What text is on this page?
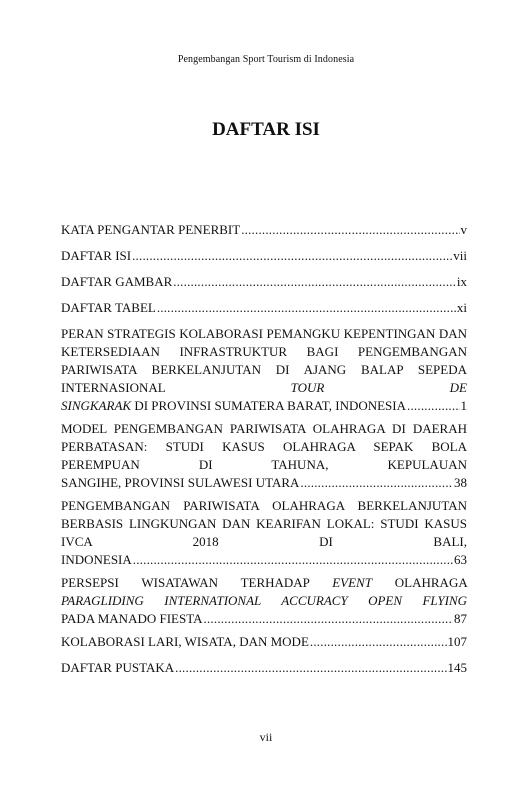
Pengembangan Sport Tourism di Indonesia
DAFTAR ISI
KATA PENGANTAR PENERBIT .....	v
DAFTAR ISI .....	vii
DAFTAR GAMBAR .....	ix
DAFTAR TABEL .....	xi
PERAN STRATEGIS KOLABORASI PEMANGKU KEPENTINGAN DAN KETERSEDIAAN INFRASTRUKTUR BAGI PENGEMBANGAN PARIWISATA BERKELANJUTAN DI AJANG BALAP SEPEDA INTERNASIONAL	TOUR DE
SINGKARAK DI PROVINSI SUMATERA BARAT, INDONESIA .....	1
MODEL PENGEMBANGAN PARIWISATA OLAHRAGA DI DAERAH PERBATASAN: STUDI KASUS OLAHRAGA SEPAK BOLA PEREMPUAN DI TAHUNA, KEPULAUAN
SANGIHE, PROVINSI SULAWESI UTARA .....	38
PENGEMBANGAN PARIWISATA OLAHRAGA BERKELANJUTAN BERBASIS LINGKUNGAN DAN KEARIFAN LOKAL: STUDI KASUS IVCA 2018 DI BALI,
INDONESIA .....	63
PERSEPSI WISATAWAN TERHADAP EVENT OLAHRAGA PARAGLIDING INTERNATIONAL ACCURACY OPEN FLYING
PADA MANADO FIESTA .....	87
KOLABORASI LARI, WISATA, DAN MODE .....	107
DAFTAR PUSTAKA .....	145
vii
